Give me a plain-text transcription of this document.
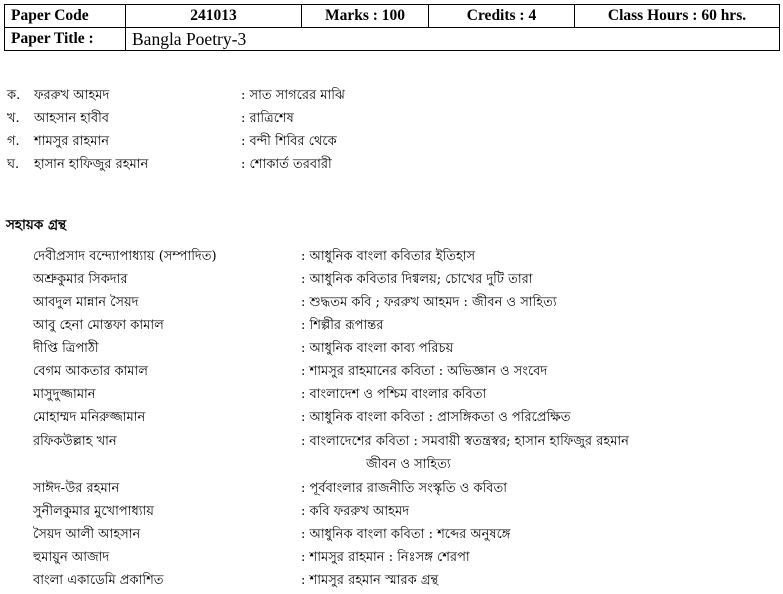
Paper Code	241013	Marks : 100	Credits : 4	Class Hours : 60 hrs.
Paper Title :	Bangla Poetry-3			
ক. ফররুখ আহমদ	: সাত সাগরের মাঝি
খ. আহসান হাবীব	: রাত্রিশেষ
গ. শামসুর রাহমান	: বন্দী শিবির থেকে
ঘ. হাসান হাফিজুর রহমান	: শোকার্ত তরবারী
সহায়ক গ্রন্থ
দেবীপ্রসাদ বন্দ্যোপাধ্যায় (সম্পাদিত)	: আধুনিক বাংলা কবিতার ইতিহাস
অশ্রুকুমার সিকদার	: আধুনিক কবিতার দিগ্বলয়; চোখের দুটি তারা
আবদুল মান্নান সৈয়দ	: শুদ্ধতম কবি ; ফররুখ আহমদ : জীবন ও সাহিত্য
আবু হেনা মোস্তফা কামাল	: শিল্পীর রূপান্তর
দীপ্তি ত্রিপাঠী	: আধুনিক বাংলা কাব্য পরিচয়
বেগম আকতার কামাল	: শামসুর রাহমানের কবিতা : অভিজ্ঞান ও সংবেদ
মাসুদুজ্জামান	: বাংলাদেশ ও পশ্চিম বাংলার কবিতা
মোহাম্মদ মনিরুজ্জামান	: আধুনিক বাংলা কবিতা : প্রাসঙ্গিকতা ও পরিপ্রেক্ষিত
রফিকউল্লাহ খান	: বাংলাদেশের কবিতা : সমবায়ী স্বতন্ত্রস্বর; হাসান হাফিজুর রহমান
জীবন ও সাহিত্য
সাঈদ-উর রহমান	: পূর্ববাংলার রাজনীতি সংস্কৃতি ও কবিতা
সুনীলকুমার মুখোপাধ্যায়	: কবি ফররুখ আহমদ
সৈয়দ আলী আহসান	: আধুনিক বাংলা কবিতা : শব্দের অনুষঙ্গে
হুমায়ুন আজাদ	: শামসুর রাহমান : নিঃসঙ্গ শেরপা
বাংলা একাডেমি প্রকাশিত	: শামসুর রহমান স্মারক গ্রন্থ
